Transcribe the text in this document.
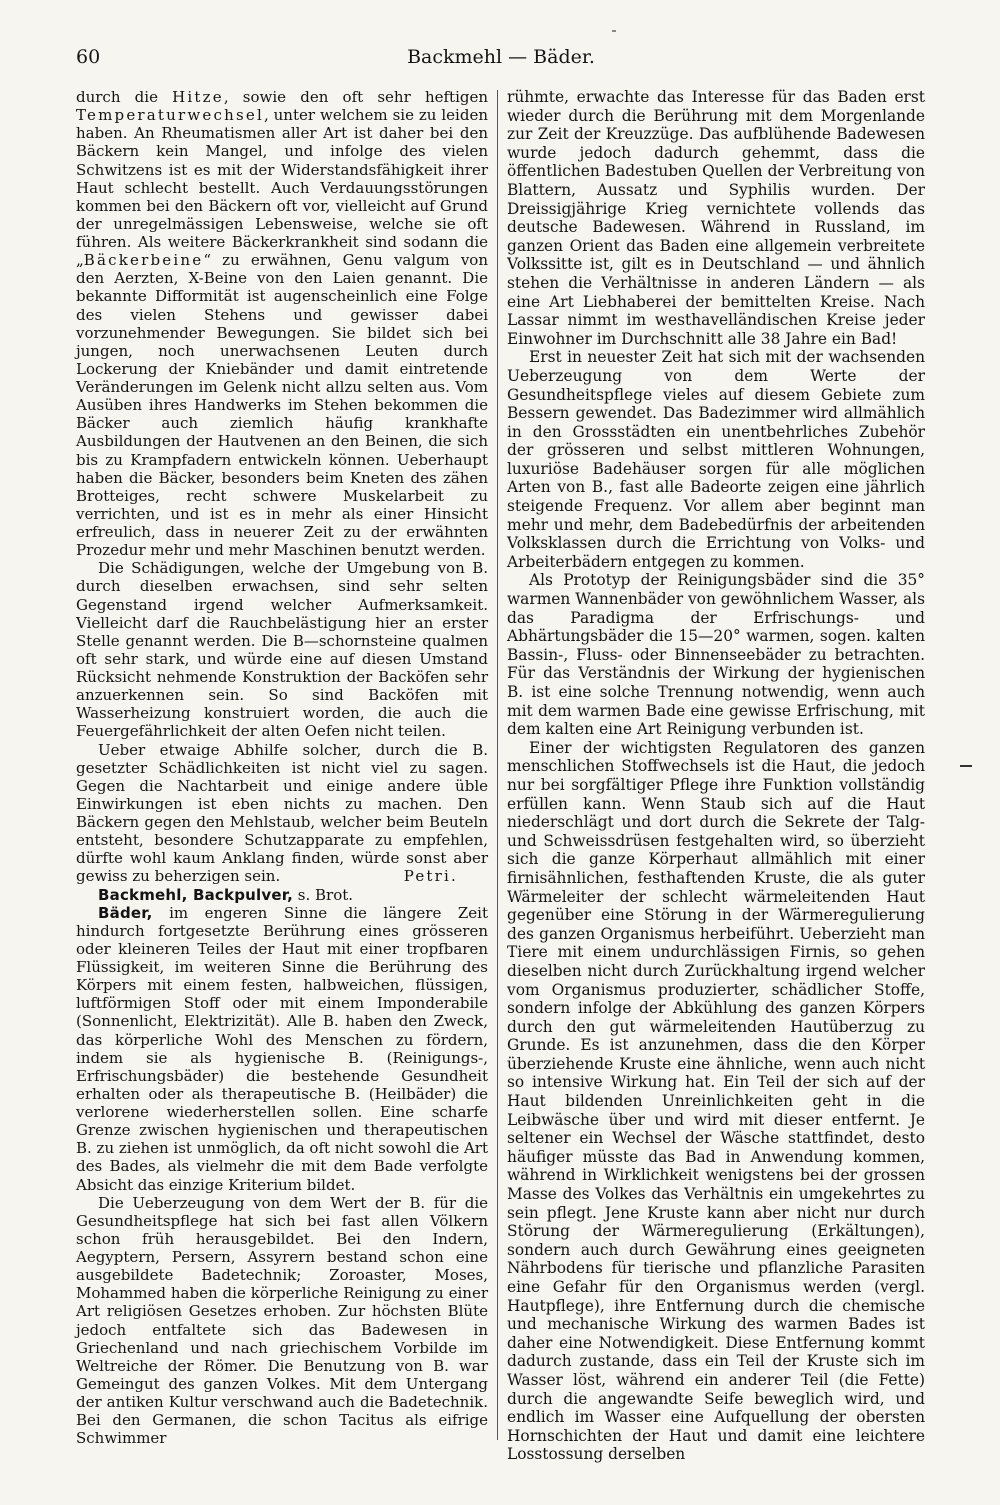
60	Backmehl — Bäder.

durch die Hitze, sowie den oft sehr heftigen Temperaturwechsel, unter welchem sie zu leiden haben. An Rheumatismen aller Art ist daher bei den Bäckern kein Mangel, und infolge des vielen Schwitzens ist es mit der Widerstandsfähigkeit ihrer Haut schlecht bestellt. Auch Verdauungsstörungen kommen bei den Bäckern oft vor, vielleicht auf Grund der unregelmässigen Lebensweise, welche sie oft führen. Als weitere Bäckerkrankheit sind sodann die „Bäckerbeine“ zu erwähnen, Genu valgum von den Aerzten, X-Beine von den Laien genannt. Die bekannte Difformität ist augenscheinlich eine Folge des vielen Stehens und gewisser dabei vorzunehmender Bewegungen. Sie bildet sich bei jungen, noch unerwachsenen Leuten durch Lockerung der Kniebänder und damit eintretende Veränderungen im Gelenk nicht allzu selten aus. Vom Ausüben ihres Handwerks im Stehen bekommen die Bäcker auch ziemlich häufig krankhafte Ausbildungen der Hautvenen an den Beinen, die sich bis zu Krampfadern entwickeln können. Ueberhaupt haben die Bäcker, besonders beim Kneten des zähen Brotteiges, recht schwere Muskelarbeit zu verrichten, und ist es in mehr als einer Hinsicht erfreulich, dass in neuerer Zeit zu der erwähnten Prozedur mehr und mehr Maschinen benutzt werden.

Die Schädigungen, welche der Umgebung von B. durch dieselben erwachsen, sind sehr selten Gegenstand irgend welcher Aufmerksamkeit. Vielleicht darf die Rauchbelästigung hier an erster Stelle genannt werden. Die B—schornsteine qualmen oft sehr stark, und würde eine auf diesen Umstand Rücksicht nehmende Konstruktion der Backöfen sehr anzuerkennen sein. So sind Backöfen mit Wasserheizung konstruiert worden, die auch die Feuergefährlichkeit der alten Oefen nicht teilen.

Ueber etwaige Abhilfe solcher, durch die B. gesetzter Schädlichkeiten ist nicht viel zu sagen. Gegen die Nachtarbeit und einige andere üble Einwirkungen ist eben nichts zu machen. Den Bäckern gegen den Mehlstaub, welcher beim Beuteln entsteht, besondere Schutzapparate zu empfehlen, dürfte wohl kaum Anklang finden, würde sonst aber gewiss zu beherzigen sein.	Petri.

Backmehl, Backpulver, s. Brot.

Bäder, im engeren Sinne die längere Zeit hindurch fortgesetzte Berührung eines grösseren oder kleineren Teiles der Haut mit einer tropfbaren Flüssigkeit, im weiteren Sinne die Berührung des Körpers mit einem festen, halbweichen, flüssigen, luftförmigen Stoff oder mit einem Imponderabile (Sonnenlicht, Elektrizität). Alle B. haben den Zweck, das körperliche Wohl des Menschen zu fördern, indem sie als hygienische B. (Reinigungs-, Erfrischungsbäder) die bestehende Gesundheit erhalten oder als therapeutische B. (Heilbäder) die verlorene wiederherstellen sollen. Eine scharfe Grenze zwischen hygienischen und therapeutischen B. zu ziehen ist unmöglich, da oft nicht sowohl die Art des Bades, als vielmehr die mit dem Bade verfolgte Absicht das einzige Kriterium bildet.

Die Ueberzeugung von dem Wert der B. für die Gesundheitspflege hat sich bei fast allen Völkern schon früh herausgebildet. Bei den Indern, Aegyptern, Persern, Assyrern bestand schon eine ausgebildete Badetechnik; Zoroaster, Moses, Mohammed haben die körperliche Reinigung zu einer Art religiösen Gesetzes erhoben. Zur höchsten Blüte jedoch entfaltete sich das Badewesen in Griechenland und nach griechischem Vorbilde im Weltreiche der Römer. Die Benutzung von B. war Gemeingut des ganzen Volkes. Mit dem Untergang der antiken Kultur verschwand auch die Badetechnik. Bei den Germanen, die schon Tacitus als eifrige Schwimmer

rühmte, erwachte das Interesse für das Baden erst wieder durch die Berührung mit dem Morgenlande zur Zeit der Kreuzzüge. Das aufblühende Badewesen wurde jedoch dadurch gehemmt, dass die öffentlichen Badestuben Quellen der Verbreitung von Blattern, Aussatz und Syphilis wurden. Der Dreissigjährige Krieg vernichtete vollends das deutsche Badewesen. Während in Russland, im ganzen Orient das Baden eine allgemein verbreitete Volkssitte ist, gilt es in Deutschland — und ähnlich stehen die Verhältnisse in anderen Ländern — als eine Art Liebhaberei der bemittelten Kreise. Nach Lassar nimmt im westhavelländischen Kreise jeder Einwohner im Durchschnitt alle 38 Jahre ein Bad!

Erst in neuester Zeit hat sich mit der wachsenden Ueberzeugung von dem Werte der Gesundheitspflege vieles auf diesem Gebiete zum Bessern gewendet. Das Badezimmer wird allmählich in den Grossstädten ein unentbehrliches Zubehör der grösseren und selbst mittleren Wohnungen, luxuriöse Badehäuser sorgen für alle möglichen Arten von B., fast alle Badeorte zeigen eine jährlich steigende Frequenz. Vor allem aber beginnt man mehr und mehr, dem Badebedürfnis der arbeitenden Volksklassen durch die Errichtung von Volks- und Arbeiterbädern entgegen zu kommen.

Als Prototyp der Reinigungsbäder sind die 35° warmen Wannenbäder von gewöhnlichem Wasser, als das Paradigma der Erfrischungs- und Abhärtungsbäder die 15—20° warmen, sogen. kalten Bassin-, Fluss- oder Binnenseebäder zu betrachten. Für das Verständnis der Wirkung der hygienischen B. ist eine solche Trennung notwendig, wenn auch mit dem warmen Bade eine gewisse Erfrischung, mit dem kalten eine Art Reinigung verbunden ist.

Einer der wichtigsten Regulatoren des ganzen menschlichen Stoffwechsels ist die Haut, die jedoch nur bei sorgfältiger Pflege ihre Funktion vollständig erfüllen kann. Wenn Staub sich auf die Haut niederschlägt und dort durch die Sekrete der Talg- und Schweissdrüsen festgehalten wird, so überzieht sich die ganze Körperhaut allmählich mit einer firnisähnlichen, festhaftenden Kruste, die als guter Wärmeleiter der schlecht wärmeleitenden Haut gegenüber eine Störung in der Wärmeregulierung des ganzen Organismus herbeiführt. Ueberzieht man Tiere mit einem undurchlässigen Firnis, so gehen dieselben nicht durch Zurückhaltung irgend welcher vom Organismus produzierter, schädlicher Stoffe, sondern infolge der Abkühlung des ganzen Körpers durch den gut wärmeleitenden Hautüberzug zu Grunde. Es ist anzunehmen, dass die den Körper überziehende Kruste eine ähnliche, wenn auch nicht so intensive Wirkung hat. Ein Teil der sich auf der Haut bildenden Unreinlichkeiten geht in die Leibwäsche über und wird mit dieser entfernt. Je seltener ein Wechsel der Wäsche stattfindet, desto häufiger müsste das Bad in Anwendung kommen, während in Wirklichkeit wenigstens bei der grossen Masse des Volkes das Verhältnis ein umgekehrtes zu sein pflegt. Jene Kruste kann aber nicht nur durch Störung der Wärmeregulierung (Erkältungen), sondern auch durch Gewährung eines geeigneten Nährbodens für tierische und pflanzliche Parasiten eine Gefahr für den Organismus werden (vergl. Hautpflege), ihre Entfernung durch die chemische und mechanische Wirkung des warmen Bades ist daher eine Notwendigkeit. Diese Entfernung kommt dadurch zustande, dass ein Teil der Kruste sich im Wasser löst, während ein anderer Teil (die Fette) durch die angewandte Seife beweglich wird, und endlich im Wasser eine Aufquellung der obersten Hornschichten der Haut und damit eine leichtere Losstossung derselben
